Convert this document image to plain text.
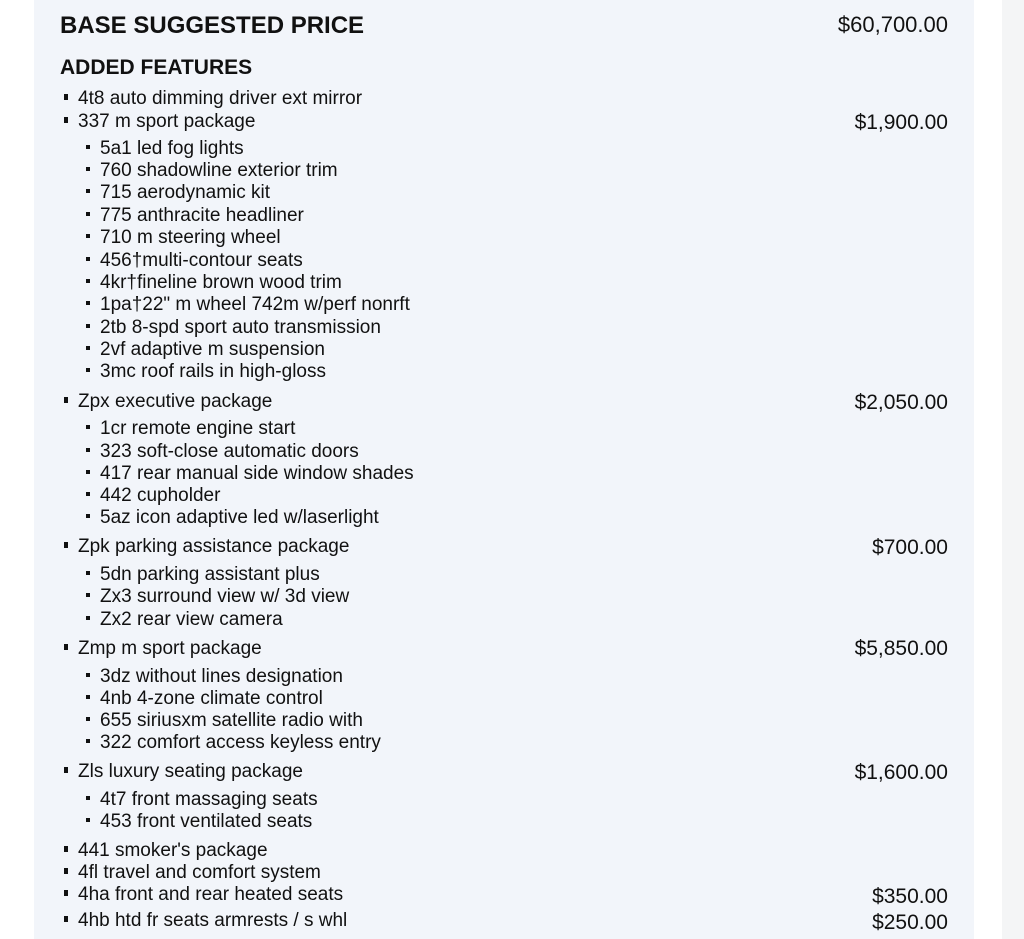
BASE SUGGESTED PRICE	$60,700.00
ADDED FEATURES
4t8 auto dimming driver ext mirror
337 m sport package
5a1 led fog lights
760 shadowline exterior trim
715 aerodynamic kit
775 anthracite headliner
710 m steering wheel
456†multi-contour seats
4kr†fineline brown wood trim
1pa†22" m wheel 742m w/perf nonrft
2tb 8-spd sport auto transmission
2vf adaptive m suspension
3mc roof rails in high-gloss
Zpx executive package
1cr remote engine start
323 soft-close automatic doors
417 rear manual side window shades
442 cupholder
5az icon adaptive led w/laserlight
Zpk parking assistance package
5dn parking assistant plus
Zx3 surround view w/ 3d view
Zx2 rear view camera
Zmp m sport package
3dz without lines designation
4nb 4-zone climate control
655 siriusxm satellite radio with
322 comfort access keyless entry
Zls luxury seating package
4t7 front massaging seats
453 front ventilated seats
441 smoker's package
4fl travel and comfort system
4ha front and rear heated seats
4hb htd fr seats armrests / s whl
$1,900.00
$2,050.00
$700.00
$5,850.00
$1,600.00
$350.00
$250.00
